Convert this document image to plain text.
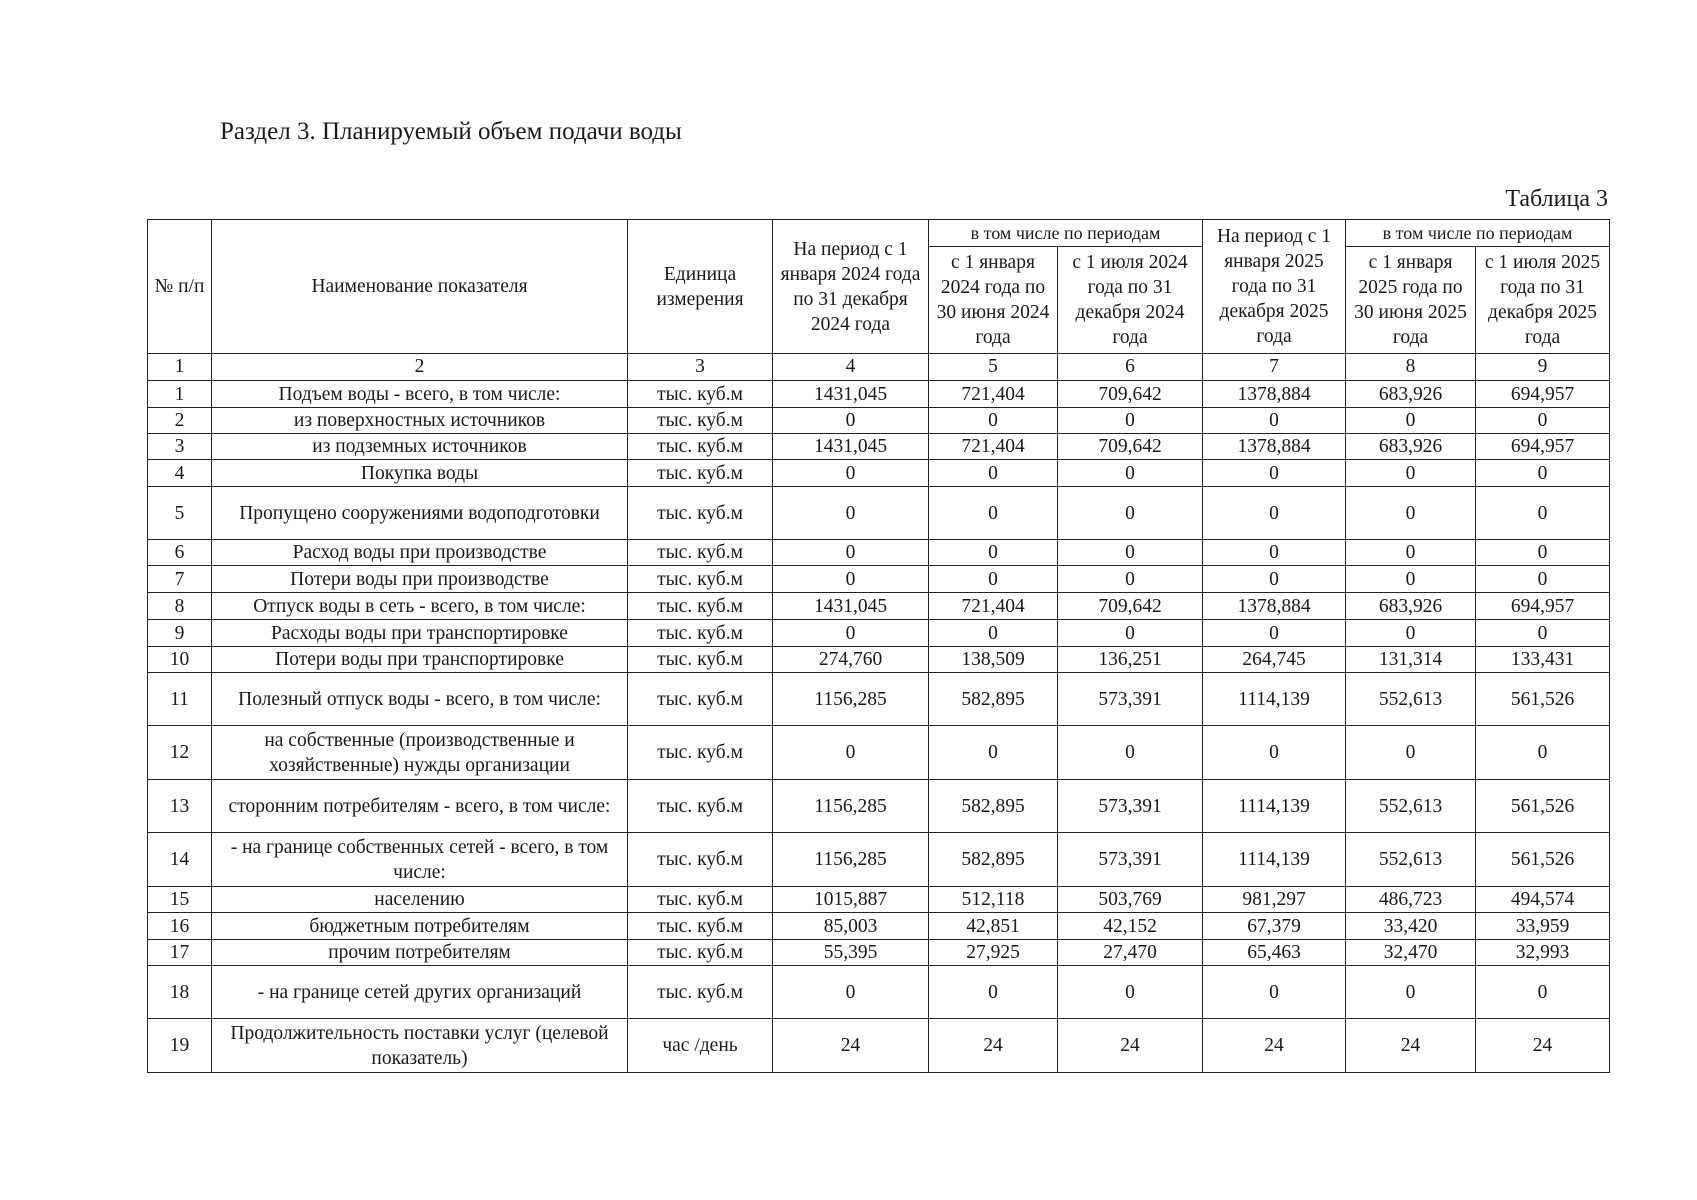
Раздел 3. Планируемый объем подачи воды
Таблица 3
№ п/п	Наименование показателя	Единица измерения	На период с 1 января 2024 года по 31 декабря 2024 года	в том числе по периодам		На период с 1 января 2025 года по 31 декабря 2025 года	в том числе по периодам	
				с 1 января 2024 года по 30 июня 2024 года	с 1 июля 2024 года по 31 декабря 2024 года		с 1 января 2025 года по 30 июня 2025 года	с 1 июля 2025 года по 31 декабря 2025 года
1	2	3	4	5	6	7	8	9
1	Подъем воды - всего, в том числе:	тыс. куб.м	1431,045	721,404	709,642	1378,884	683,926	694,957
2	из поверхностных источников	тыс. куб.м	0	0	0	0	0	0
3	из подземных источников	тыс. куб.м	1431,045	721,404	709,642	1378,884	683,926	694,957
4	Покупка воды	тыс. куб.м	0	0	0	0	0	0
5	Пропущено сооружениями водоподготовки	тыс. куб.м	0	0	0	0	0	0
6	Расход воды при производстве	тыс. куб.м	0	0	0	0	0	0
7	Потери воды при производстве	тыс. куб.м	0	0	0	0	0	0
8	Отпуск воды в сеть - всего, в том числе:	тыс. куб.м	1431,045	721,404	709,642	1378,884	683,926	694,957
9	Расходы воды при транспортировке	тыс. куб.м	0	0	0	0	0	0
10	Потери воды при транспортировке	тыс. куб.м	274,760	138,509	136,251	264,745	131,314	133,431
11	Полезный отпуск воды - всего, в том числе:	тыс. куб.м	1156,285	582,895	573,391	1114,139	552,613	561,526
12	на собственные (производственные и хозяйственные) нужды организации	тыс. куб.м	0	0	0	0	0	0
13	сторонним потребителям - всего, в том числе:	тыс. куб.м	1156,285	582,895	573,391	1114,139	552,613	561,526
14	- на границе собственных сетей - всего, в том числе:	тыс. куб.м	1156,285	582,895	573,391	1114,139	552,613	561,526
15	населению	тыс. куб.м	1015,887	512,118	503,769	981,297	486,723	494,574
16	бюджетным потребителям	тыс. куб.м	85,003	42,851	42,152	67,379	33,420	33,959
17	прочим потребителям	тыс. куб.м	55,395	27,925	27,470	65,463	32,470	32,993
18	- на границе сетей других организаций	тыс. куб.м	0	0	0	0	0	0
19	Продолжительность поставки услуг (целевой показатель)	час /день	24	24	24	24	24	24
